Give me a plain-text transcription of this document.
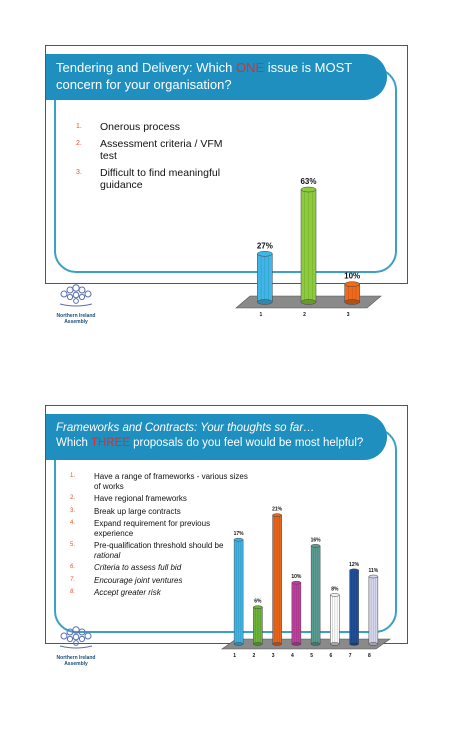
Tendering and Delivery: Which ONE issue is MOST concern for your organisation?
1. Onerous process
2. Assessment criteria / VFM test
3. Difficult to find meaningful guidance
27%
1
63%
2
10%
3
Northern Ireland
Assembly
Frameworks and Contracts: Your thoughts so far…
Which THREE proposals do you feel would be most helpful?
1. Have a range of frameworks - various sizes of works
2. Have regional frameworks
3. Break up large contracts
4. Expand requirement for previous experience
5. Pre-qualification threshold should be rational
6. Criteria to assess full bid
7. Encourage joint ventures
8. Accept greater risk
17%
1
6%
2
21%
3
10%
4
16%
5
8%
6
12%
7
11%
8
Northern Ireland
Assembly
